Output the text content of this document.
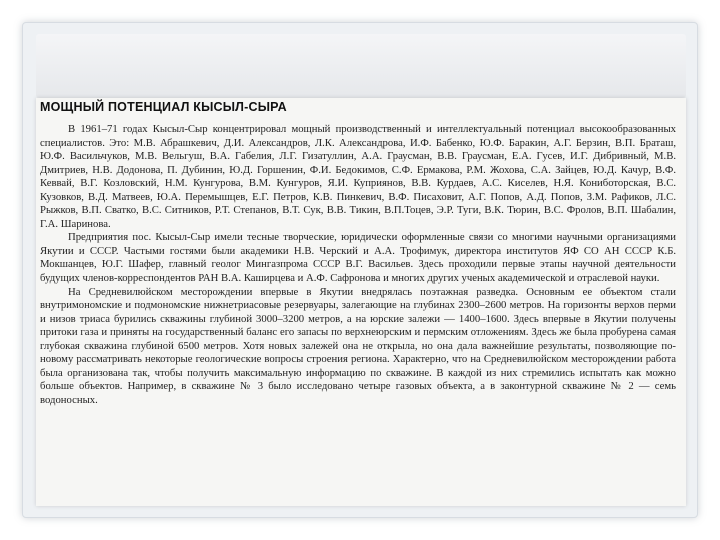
МОЩНЫЙ ПОТЕНЦИАЛ КЫСЫЛ-СЫРА

В 1961–71 годах Кысыл-Сыр концентрировал мощный производственный и интеллектуальный потенциал высокообразованных специалистов. Это: М.В. Абрашкевич, Д.И. Александров, Л.К. Александрова, И.Ф. Бабенко, Ю.Ф. Баракин, А.Г. Берзин, В.П. Браташ, Ю.Ф. Васильчуков, М.В. Вельгуш, В.А. Габелия, Л.Г. Гизатуллин, А.А. Граусман, В.В. Граусман, Е.А. Гусев, И.Г. Дибривный, М.В. Дмитриев, Н.В. Додонова, П. Дубинин, Ю.Д. Горшенин, Ф.И. Бедокимов, С.Ф. Ермакова, Р.М. Жохова, С.А. Зайцев, Ю.Д. Качур, В.Ф. Кеввай, В.Г. Козловский, Н.М. Кунгурова, В.М. Кунгуров, Я.И. Куприянов, В.В. Курдаев, А.С. Киселев, Н.Я. Кониботорская, В.С. Кузовков, В.Д. Матвеев, Ю.А. Перемышцев, Е.Г. Петров, К.В. Пинкевич, В.Ф. Писаховит, А.Г. Попов, А.Д. Попов, З.М. Рафиков, Л.С. Рыжков, В.П. Сватко, В.С. Ситников, Р.Т. Степанов, В.Т. Сук, В.В. Тикин, В.П.Тоцев, Э.Р. Туги, В.К. Тюрин, В.С. Фролов, В.П. Шабалин, Г.А. Шаринова.

Предприятия пос. Кысыл-Сыр имели тесные творческие, юридически оформленные связи со многими научными организациями Якутии и СССР. Частыми гостями были академики Н.В. Черский и А.А. Трофимук, директора институтов ЯФ СО АН СССР К.Б. Мокшанцев, Ю.Г. Шафер, главный геолог Мингазпрома СССР В.Г. Васильев. Здесь проходили первые этапы научной деятельности будущих членов-корреспондентов РАН В.А. Каширцева и А.Ф. Сафронова и многих других ученых академической и отраслевой науки.

На Средневилюйском месторождении впервые в Якутии внедрялась поэтажная разведка. Основным ее объектом стали внутримономские и подмономские нижнетриасовые резервуары, залегающие на глубинах 2300–2600 метров. На горизонты верхов перми и низов триаса бурились скважины глубиной 3000–3200 метров, а на юрские залежи — 1400–1600. Здесь впервые в Якутии получены притоки газа и приняты на государственный баланс его запасы по верхнеюрским и пермским отложениям. Здесь же была пробурена самая глубокая скважина глубиной 6500 метров. Хотя новых залежей она не открыла, но она дала важнейшие результаты, позволяющие по-новому рассматривать некоторые геологические вопросы строения региона. Характерно, что на Средневилюйском месторождении работа была организована так, чтобы получить максимальную информацию по скважине. В каждой из них стремились испытать как можно больше объектов. Например, в скважине № 3 было исследовано четыре газовых объекта, а в законтурной скважине № 2 — семь водоносных.
